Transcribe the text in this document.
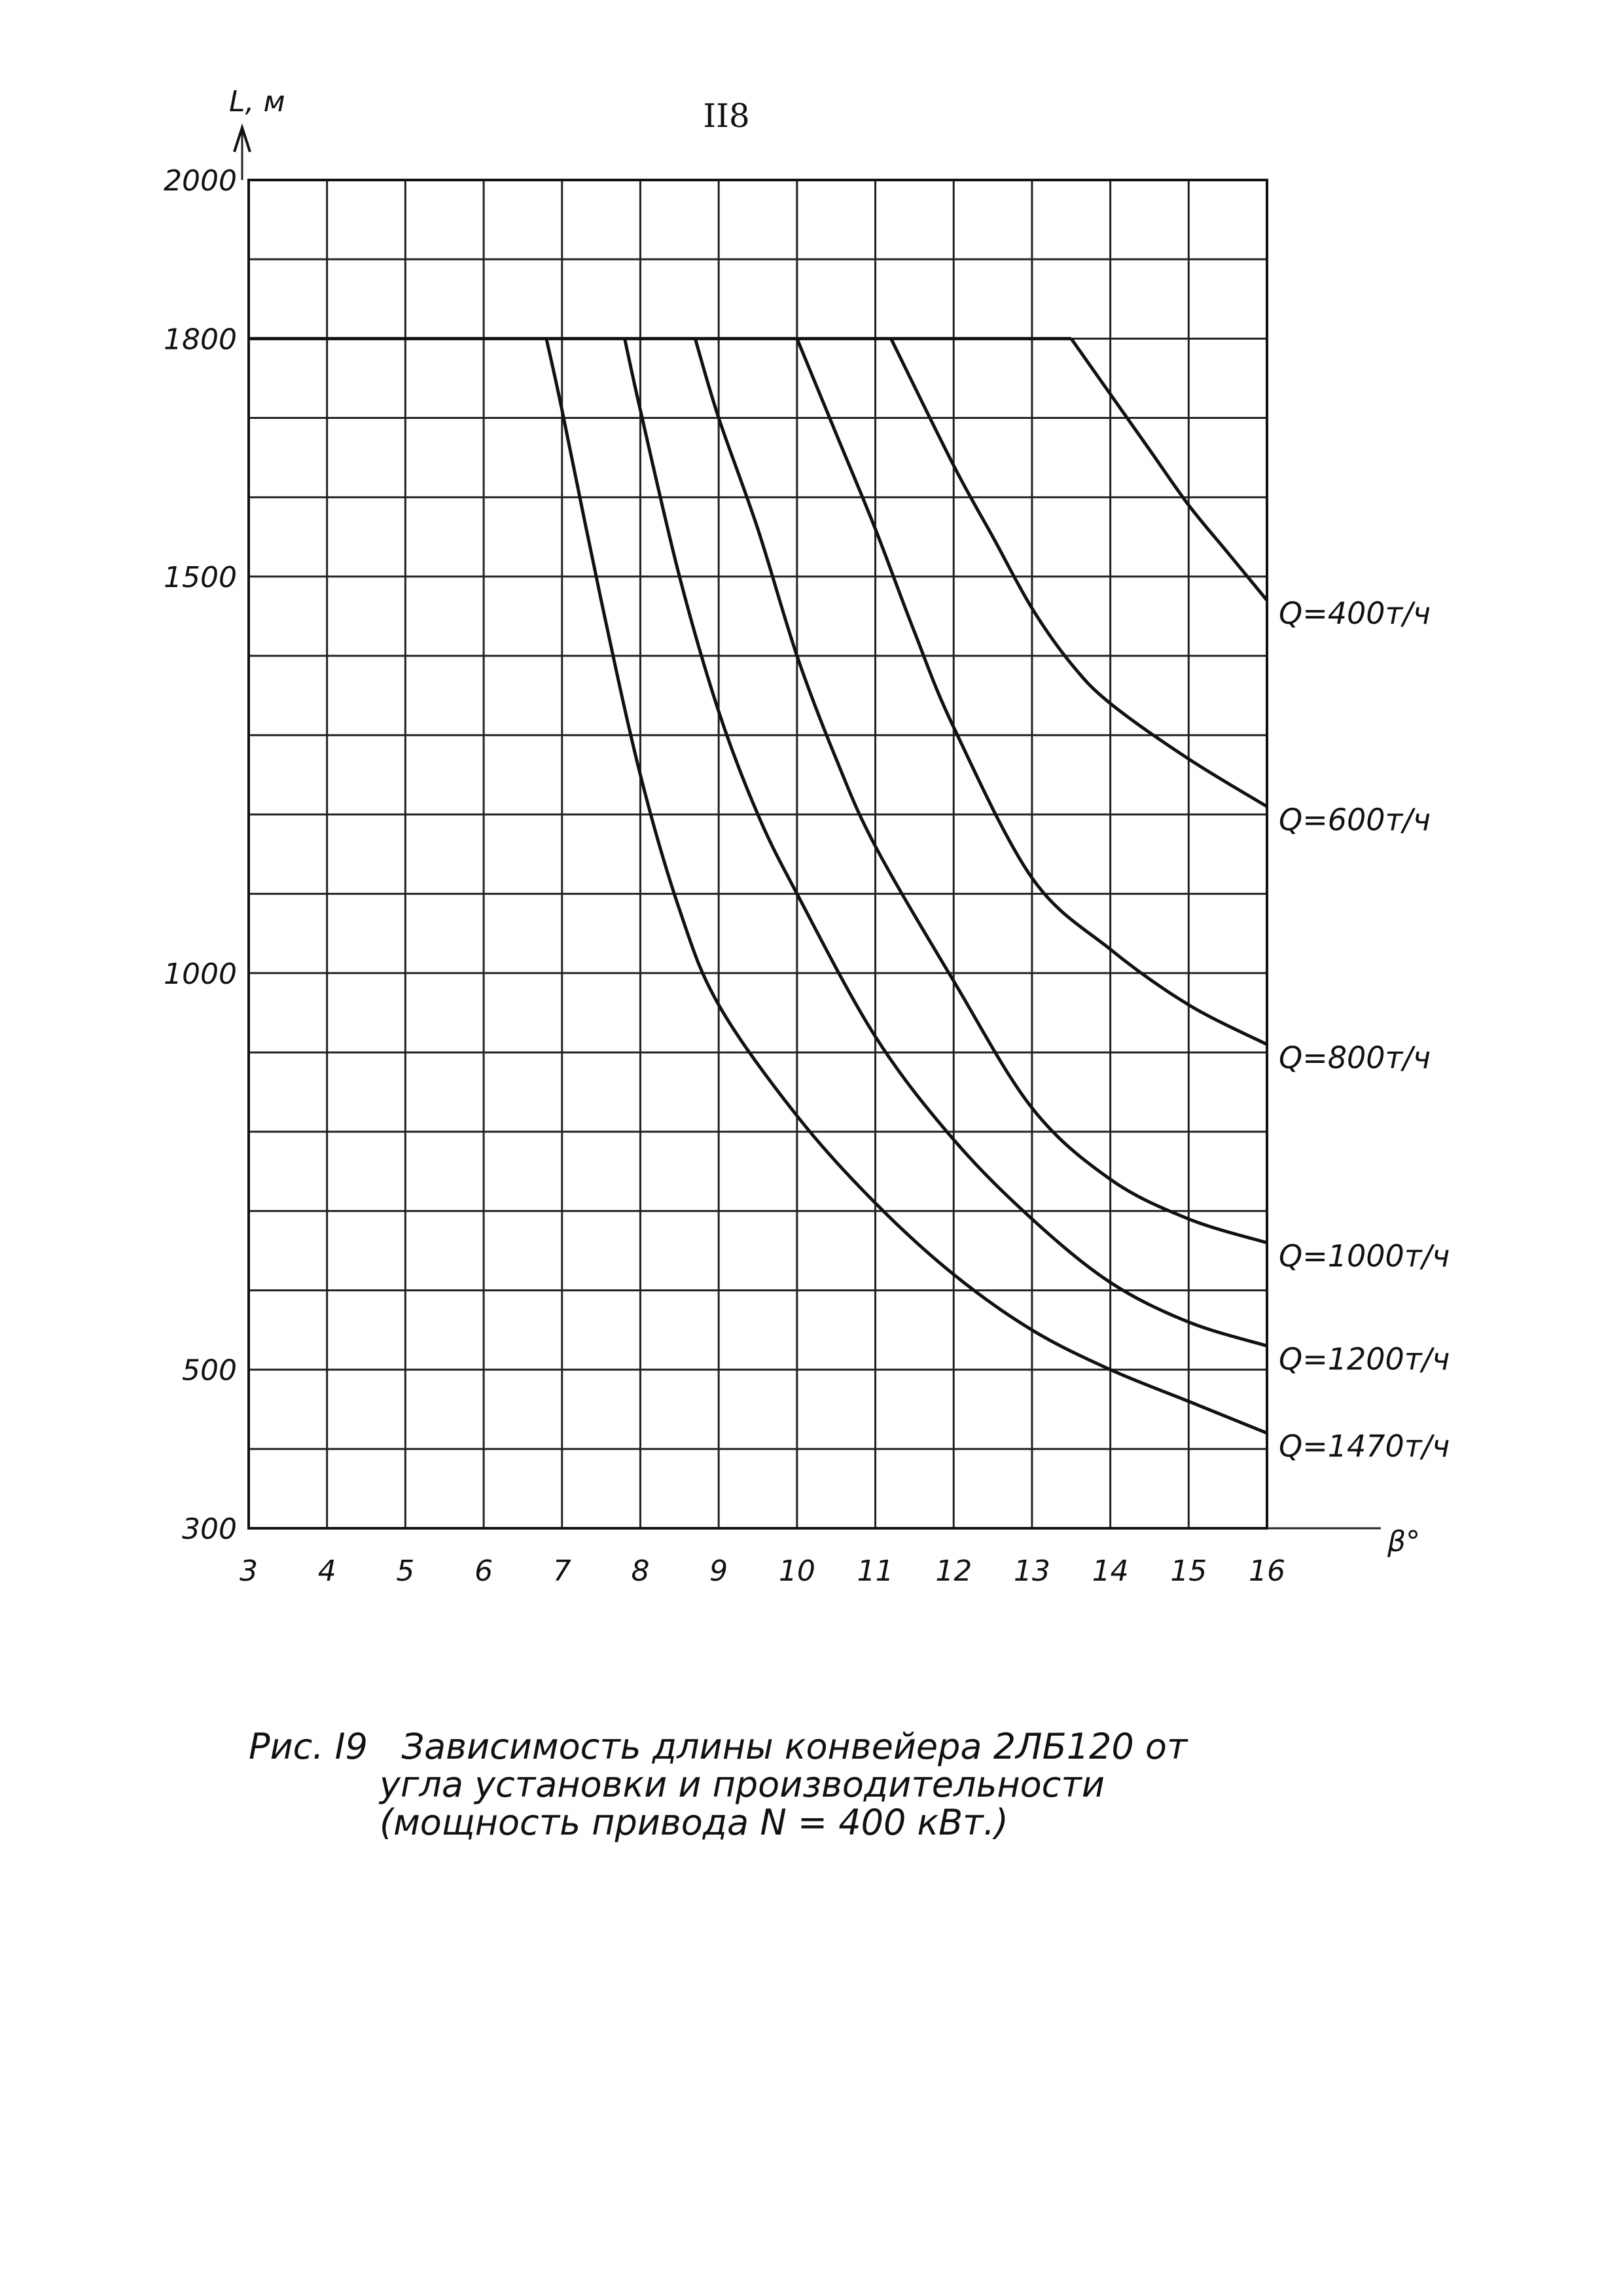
II8
3 4 5 6 7 8 9 10 11 12 13 14 15 16
2000
1800
1500
1000
500
300
Q=400т/ч
Q=600т/ч
Q=800т/ч
Q=1000т/ч
Q=1200т/ч
Q=1470т/ч
L, м
β°
Рис. I9   Зависимость длины конвейера 2ЛБ120 от
угла установки и производительности
(мощность привода N = 400 кВт.)
